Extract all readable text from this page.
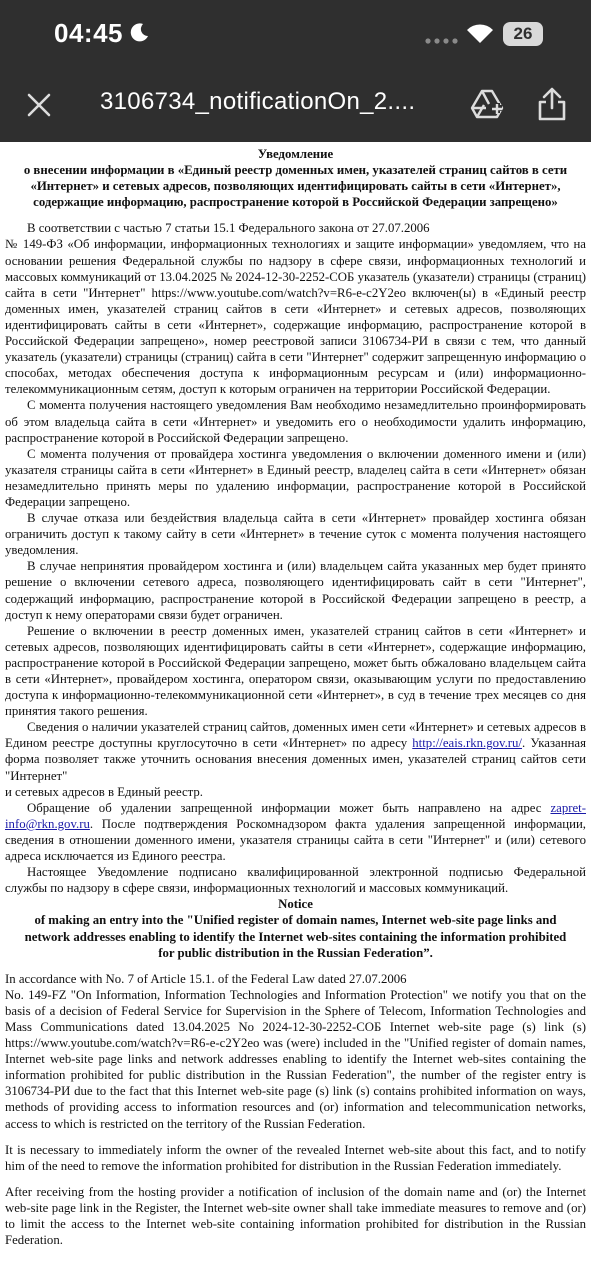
04:45	26
3106734_notificationOn_2....

Уведомление

о внесении информации в «Единый реестр доменных имен, указателей страниц сайтов в сети «Интернет» и сетевых адресов, позволяющих идентифицировать сайты в сети «Интернет», содержащие информацию, распространение которой в Российской Федерации запрещено»

В соответствии с частью 7 статьи 15.1 Федерального закона от 27.07.2006

№ 149-ФЗ «Об информации, информационных технологиях и защите информации» уведомляем, что на основании решения Федеральной службы по надзору в сфере связи, информационных технологий и массовых коммуникаций от 13.04.2025 № 2024-12-30-2252-СОБ указатель (указатели) страницы (страниц) сайта в сети "Интернет" https://www.youtube.com/watch?v=R6-e-c2Y2eo включен(ы) в «Единый реестр доменных имен, указателей страниц сайтов в сети «Интернет» и сетевых адресов, позволяющих идентифицировать сайты в сети «Интернет», содержащие информацию, распространение которой в Российской Федерации запрещено», номер реестровой записи 3106734-РИ в связи с тем, что данный указатель (указатели) страницы (страниц) сайта в сети "Интернет" содержит запрещенную информацию о способах, методах обеспечения доступа к информационным ресурсам и (или) информационно-телекоммуникационным сетям, доступ к которым ограничен на территории Российской Федерации.

С момента получения настоящего уведомления Вам необходимо незамедлительно проинформировать об этом владельца сайта в сети «Интернет» и уведомить его о необходимости удалить информацию, распространение которой в Российской Федерации запрещено.

С момента получения от провайдера хостинга уведомления о включении доменного имени и (или) указателя страницы сайта в сети «Интернет» в Единый реестр, владелец сайта в сети «Интернет» обязан незамедлительно принять меры по удалению информации, распространение которой в Российской Федерации запрещено.

В случае отказа или бездействия владельца сайта в сети «Интернет» провайдер хостинга обязан ограничить доступ к такому сайту в сети «Интернет» в течение суток с момента получения настоящего уведомления.

В случае непринятия провайдером хостинга и (или) владельцем сайта указанных мер будет принято решение о включении сетевого адреса, позволяющего идентифицировать сайт в сети "Интернет", содержащий информацию, распространение которой в Российской Федерации запрещено в реестр, а доступ к нему операторами связи будет ограничен.

Решение о включении в реестр доменных имен, указателей страниц сайтов в сети «Интернет» и сетевых адресов, позволяющих идентифицировать сайты в сети «Интернет», содержащие информацию, распространение которой в Российской Федерации запрещено, может быть обжаловано владельцем сайта в сети «Интернет», провайдером хостинга, оператором связи, оказывающим услуги по предоставлению доступа к информационно-телекоммуникационной сети «Интернет», в суд в течение трех месяцев со дня принятия такого решения.

Сведения о наличии указателей страниц сайтов, доменных имен сети «Интернет» и сетевых адресов в Едином реестре доступны круглосуточно в сети «Интернет» по адресу http://eais.rkn.gov.ru/. Указанная форма позволяет также уточнить основания внесения доменных имен, указателей страниц сайтов сети "Интернет"

и сетевых адресов в Единый реестр.

Обращение об удалении запрещенной информации может быть направлено на адрес zapret-info@rkn.gov.ru. После подтверждения Роскомнадзором факта удаления запрещенной информации, сведения в отношении доменного имени, указателя страницы сайта в сети "Интернет" и (или) сетевого адреса исключается из Единого реестра.

Настоящее Уведомление подписано квалифицированной электронной подписью Федеральной службы по надзору в сфере связи, информационных технологий и массовых коммуникаций.

Notice

of making an entry into the "Unified register of domain names, Internet web-site page links and network addresses enabling to identify the Internet web-sites containing the information prohibited for public distribution in the Russian Federation”.

In accordance with No. 7 of Article 15.1. of the Federal Law dated 27.07.2006

No. 149-FZ "On Information, Information Technologies and Information Protection" we notify you that on the basis of a decision of Federal Service for Supervision in the Sphere of Telecom, Information Technologies and Mass Communications dated 13.04.2025 No 2024-12-30-2252-СОБ Internet web-site page (s) link (s) https://www.youtube.com/watch?v=R6-e-c2Y2eo was (were) included in the "Unified register of domain names, Internet web-site page links and network addresses enabling to identify the Internet web-sites containing the information prohibited for public distribution in the Russian Federation", the number of the register entry is 3106734-РИ due to the fact that this Internet web-site page (s) link (s) contains prohibited information on ways, methods of providing access to information resources and (or) information and telecommunication networks, access to which is restricted on the territory of the Russian Federation.

It is necessary to immediately inform the owner of the revealed Internet web-site about this fact, and to notify him of the need to remove the information prohibited for distribution in the Russian Federation immediately.

After receiving from the hosting provider a notification of inclusion of the domain name and (or) the Internet web-site page link in the Register, the Internet web-site owner shall take immediate measures to remove and (or) to limit the access to the Internet web-site containing information prohibited for distribution in the Russian Federation.
